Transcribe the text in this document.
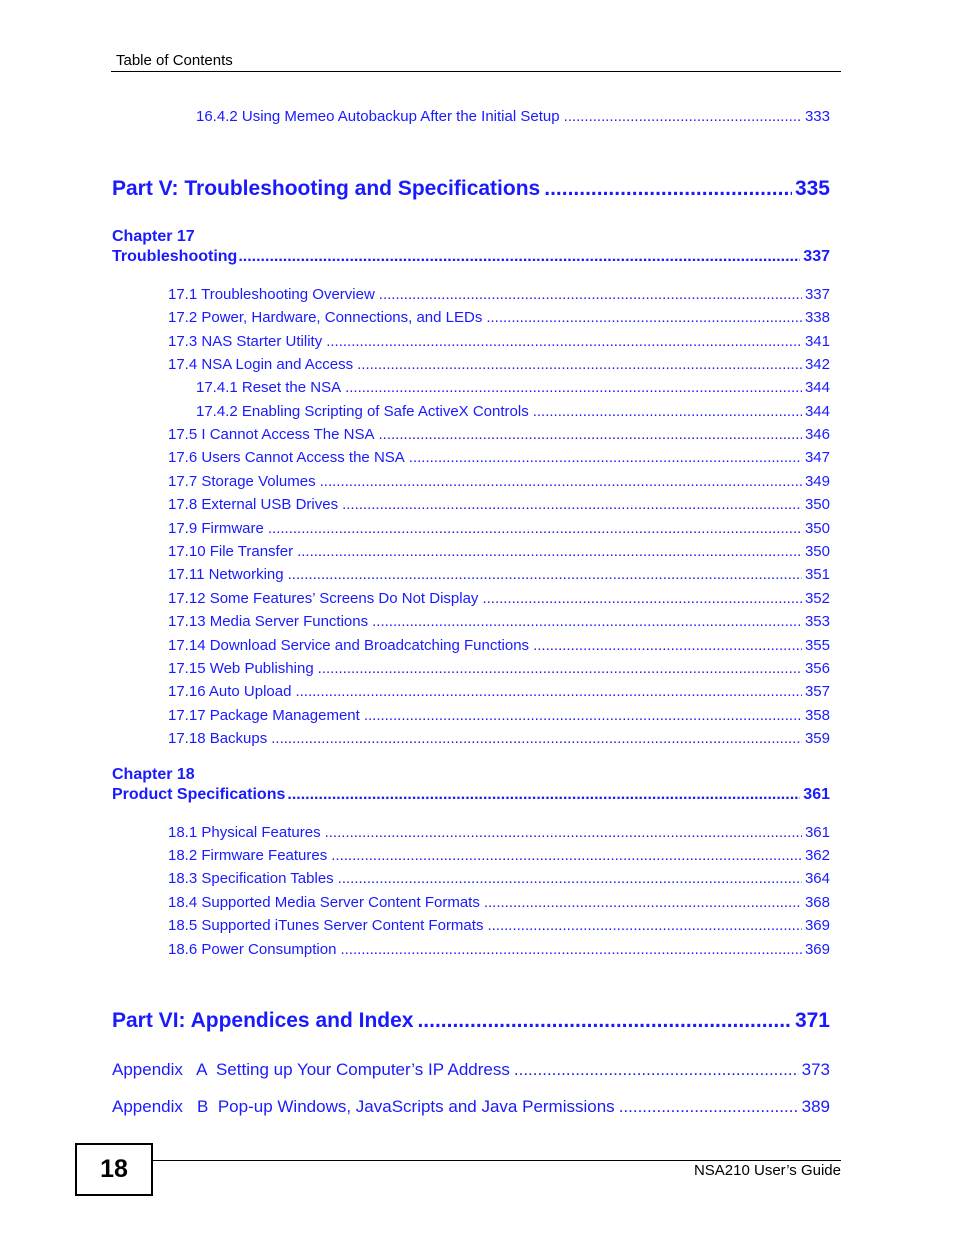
Table of Contents
16.4.2 Using Memeo Autobackup After the Initial Setup .....	333
Part V: Troubleshooting and Specifications .....	335
Chapter 17
Troubleshooting .....	337
17.1 Troubleshooting Overview .....	337
17.2 Power, Hardware, Connections, and LEDs .....	338
17.3 NAS Starter Utility .....	341
17.4 NSA Login and Access .....	342
17.4.1 Reset the NSA .....	344
17.4.2 Enabling Scripting of Safe ActiveX Controls .....	344
17.5 I Cannot Access The NSA .....	346
17.6 Users Cannot Access the NSA .....	347
17.7 Storage Volumes .....	349
17.8 External USB Drives .....	350
17.9 Firmware .....	350
17.10 File Transfer .....	350
17.11 Networking .....	351
17.12 Some Features’ Screens Do Not Display .....	352
17.13 Media Server Functions .....	353
17.14 Download Service and Broadcatching Functions .....	355
17.15 Web Publishing .....	356
17.16 Auto Upload .....	357
17.17 Package Management .....	358
17.18 Backups .....	359
Chapter 18
Product Specifications .....	361
18.1 Physical Features .....	361
18.2 Firmware Features .....	362
18.3 Specification Tables .....	364
18.4 Supported Media Server Content Formats .....	368
18.5 Supported iTunes Server Content Formats .....	369
18.6 Power Consumption .....	369
Part VI: Appendices and Index .....	371
Appendix   A  Setting up Your Computer’s IP Address .....	373
Appendix   B  Pop-up Windows, JavaScripts and Java Permissions .....	389
18	NSA210 User’s Guide
